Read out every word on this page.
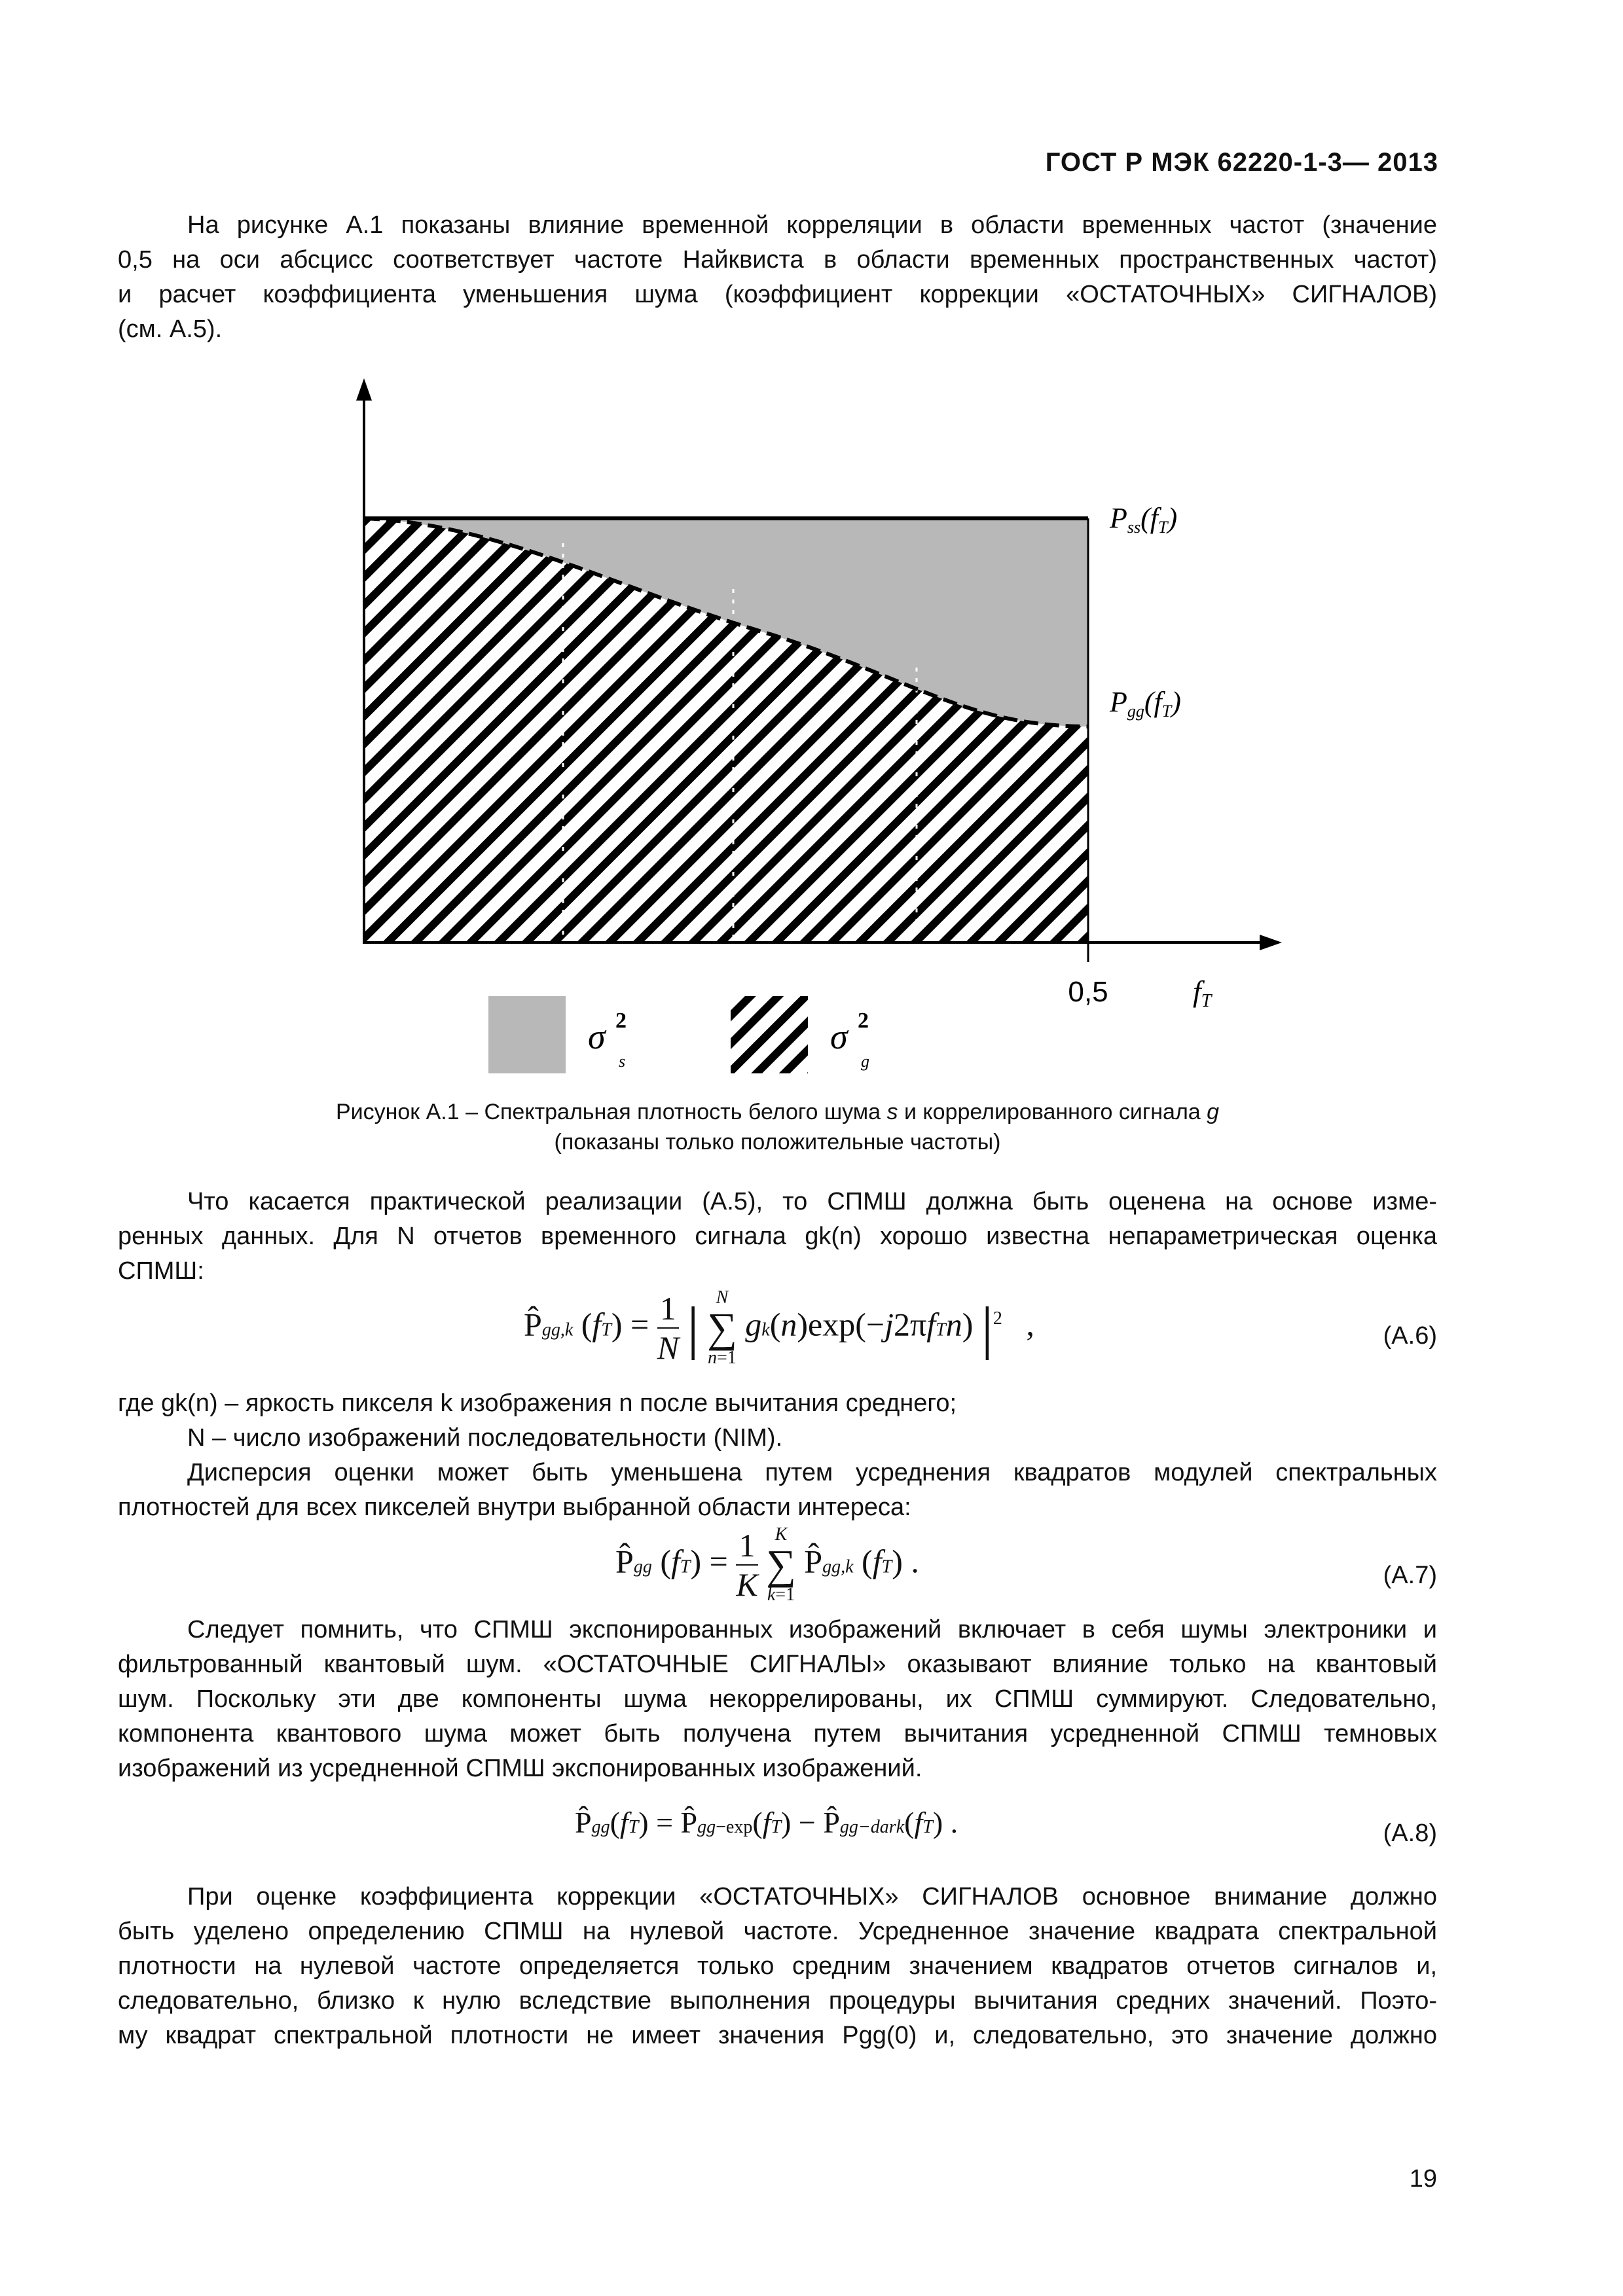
ГОСТ Р МЭК 62220-1-3— 2013
На рисунке А.1 показаны влияние временной корреляции в области временных частот (значение
0,5 на оси абсцисс соответствует частоте Найквиста в области временных пространственных частот)
и расчет коэффициента уменьшения шума (коэффициент коррекции «ОСТАТОЧНЫХ» СИГНАЛОВ)
(см. А.5).
Pss(fT)
Pgg(fT)
0,5	fT
σ 2
s
σ 2
g
Рисунок А.1 – Спектральная плотность белого шума s и коррелированного сигнала g
(показаны только положительные частоты)
Что касается практической реализации (А.5), то СПМШ должна быть оценена на основе изме-
ренных данных. Для N отчетов временного сигнала gk(n) хорошо известна непараметрическая оценка
СПМШ:
P̂gg,k $(fT) = \frac{1}{N}$ | N
∑
n=1
gk(n)exp(−j2πfTn) $|^2$ ,	(А.6)
где gk(n) – яркость пикселя k изображения n после вычитания среднего;
N – число изображений последовательности (NIM).
Дисперсия оценки может быть уменьшена путем усреднения квадратов модулей спектральных
плотностей для всех пикселей внутри выбранной области интереса:
P̂gg $(fT) = \frac{1}{K}$
K
∑
k=1
P̂gg,k (fT) .	(А.7)
Следует помнить, что СПМШ экспонированных изображений включает в себя шумы электроники и
фильтрованный квантовый шум. «ОСТАТОЧНЫЕ СИГНАЛЫ» оказывают влияние только на квантовый
шум. Поскольку эти две компоненты шума некоррелированы, их СПМШ суммируют. Следовательно,
компонента квантового шума может быть получена путем вычитания усредненной СПМШ темновых
изображений из усредненной СПМШ экспонированных изображений.
P̂gg(fT) = P̂gg−exp(fT) − P̂gg−dark(fT) .	(А.8)
При оценке коэффициента коррекции «ОСТАТОЧНЫХ» СИГНАЛОВ основное внимание должно
быть уделено определению СПМШ на нулевой частоте. Усредненное значение квадрата спектральной
плотности на нулевой частоте определяется только средним значением квадратов отчетов сигналов и,
следовательно, близко к нулю вследствие выполнения процедуры вычитания средних значений. Поэто-
му квадрат спектральной плотности не имеет значения Pgg(0) и, следовательно, это значение должно
19
